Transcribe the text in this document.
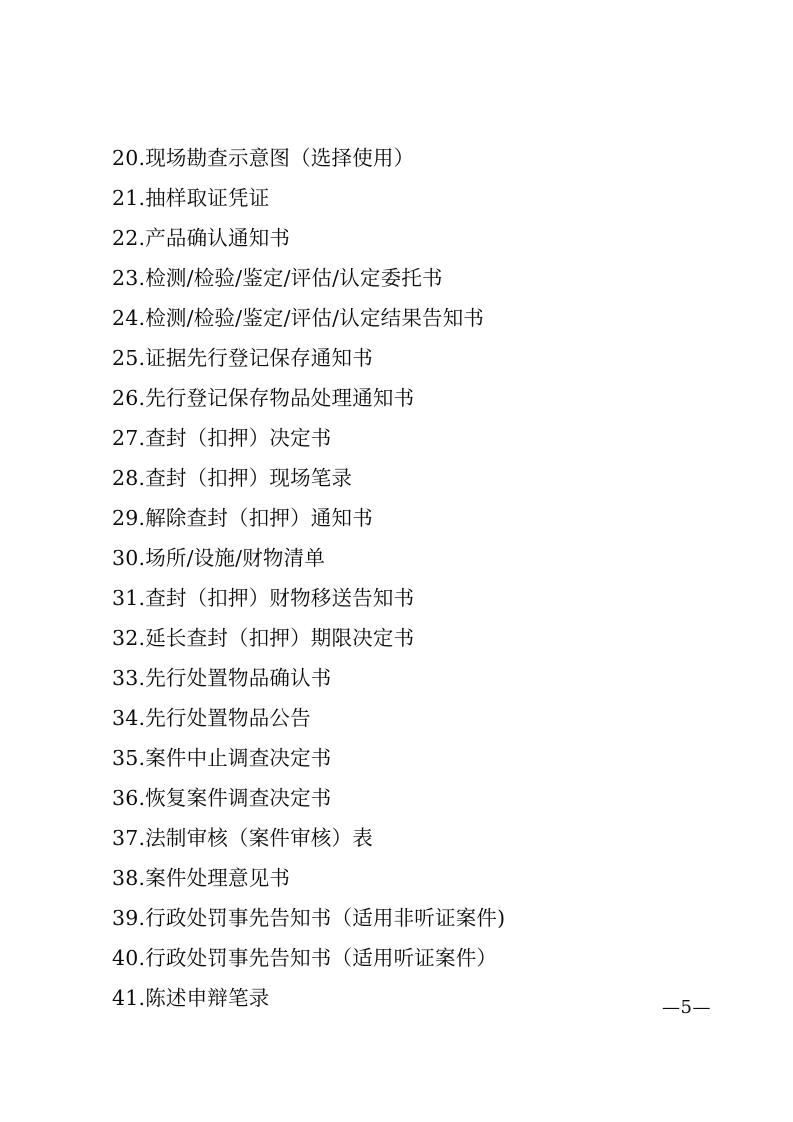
20.现场勘查示意图（选择使用）
21.抽样取证凭证
22.产品确认通知书
23.检测/检验/鉴定/评估/认定委托书
24.检测/检验/鉴定/评估/认定结果告知书
25.证据先行登记保存通知书
26.先行登记保存物品处理通知书
27.查封（扣押）决定书
28.查封（扣押）现场笔录
29.解除查封（扣押）通知书
30.场所/设施/财物清单
31.查封（扣押）财物移送告知书
32.延长查封（扣押）期限决定书
33.先行处置物品确认书
34.先行处置物品公告
35.案件中止调查决定书
36.恢复案件调查决定书
37.法制审核（案件审核）表
38.案件处理意见书
39.行政处罚事先告知书（适用非听证案件)
40.行政处罚事先告知书（适用听证案件）
41.陈述申辩笔录	—5—
